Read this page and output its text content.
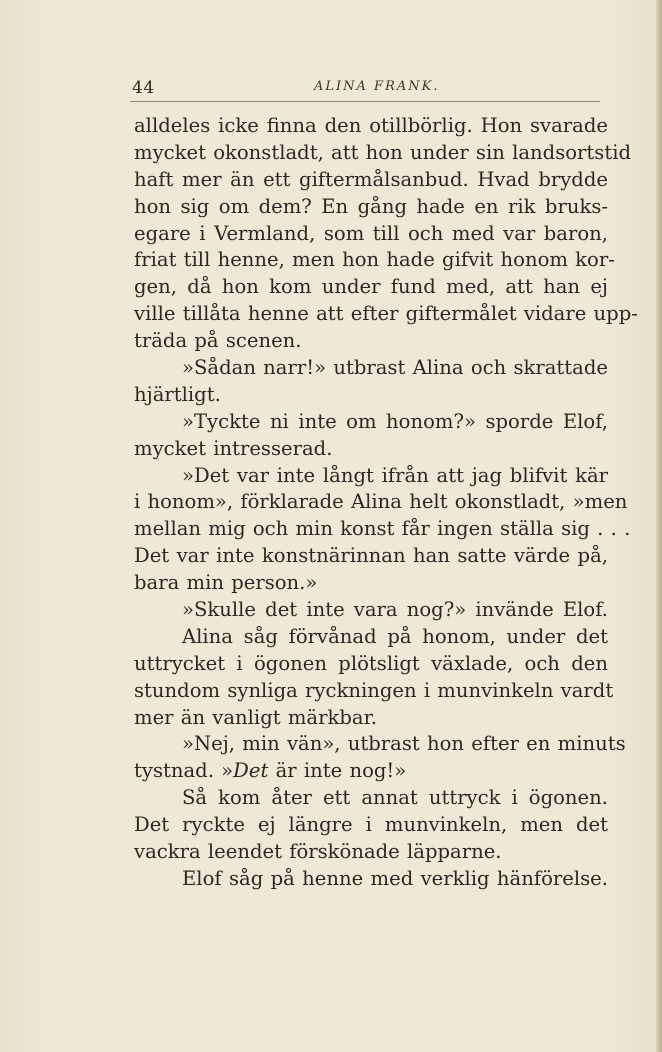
44	ALINA FRANK.
alldeles icke finna den otillbörlig. Hon svarade
mycket okonstladt, att hon under sin landsortstid
haft mer än ett giftermålsanbud. Hvad brydde
hon sig om dem? En gång hade en rik bruks-
egare i Vermland, som till och med var baron,
friat till henne, men hon hade gifvit honom kor-
gen, då hon kom under fund med, att han ej
ville tillåta henne att efter giftermålet vidare upp-
träda på scenen.
»Sådan narr!» utbrast Alina och skrattade
hjärtligt.
»Tyckte ni inte om honom?» sporde Elof,
mycket intresserad.
»Det var inte långt ifrån att jag blifvit kär
i honom», förklarade Alina helt okonstladt, »men
mellan mig och min konst får ingen ställa sig . . .
Det var inte konstnärinnan han satte värde på,
bara min person.»
»Skulle det inte vara nog?» invände Elof.
Alina såg förvånad på honom, under det
uttrycket i ögonen plötsligt växlade, och den
stundom synliga ryckningen i munvinkeln vardt
mer än vanligt märkbar.
»Nej, min vän», utbrast hon efter en minuts
tystnad. »Det är inte nog!»
Så kom åter ett annat uttryck i ögonen.
Det ryckte ej längre i munvinkeln, men det
vackra leendet förskönade läpparne.
Elof såg på henne med verklig hänförelse.
